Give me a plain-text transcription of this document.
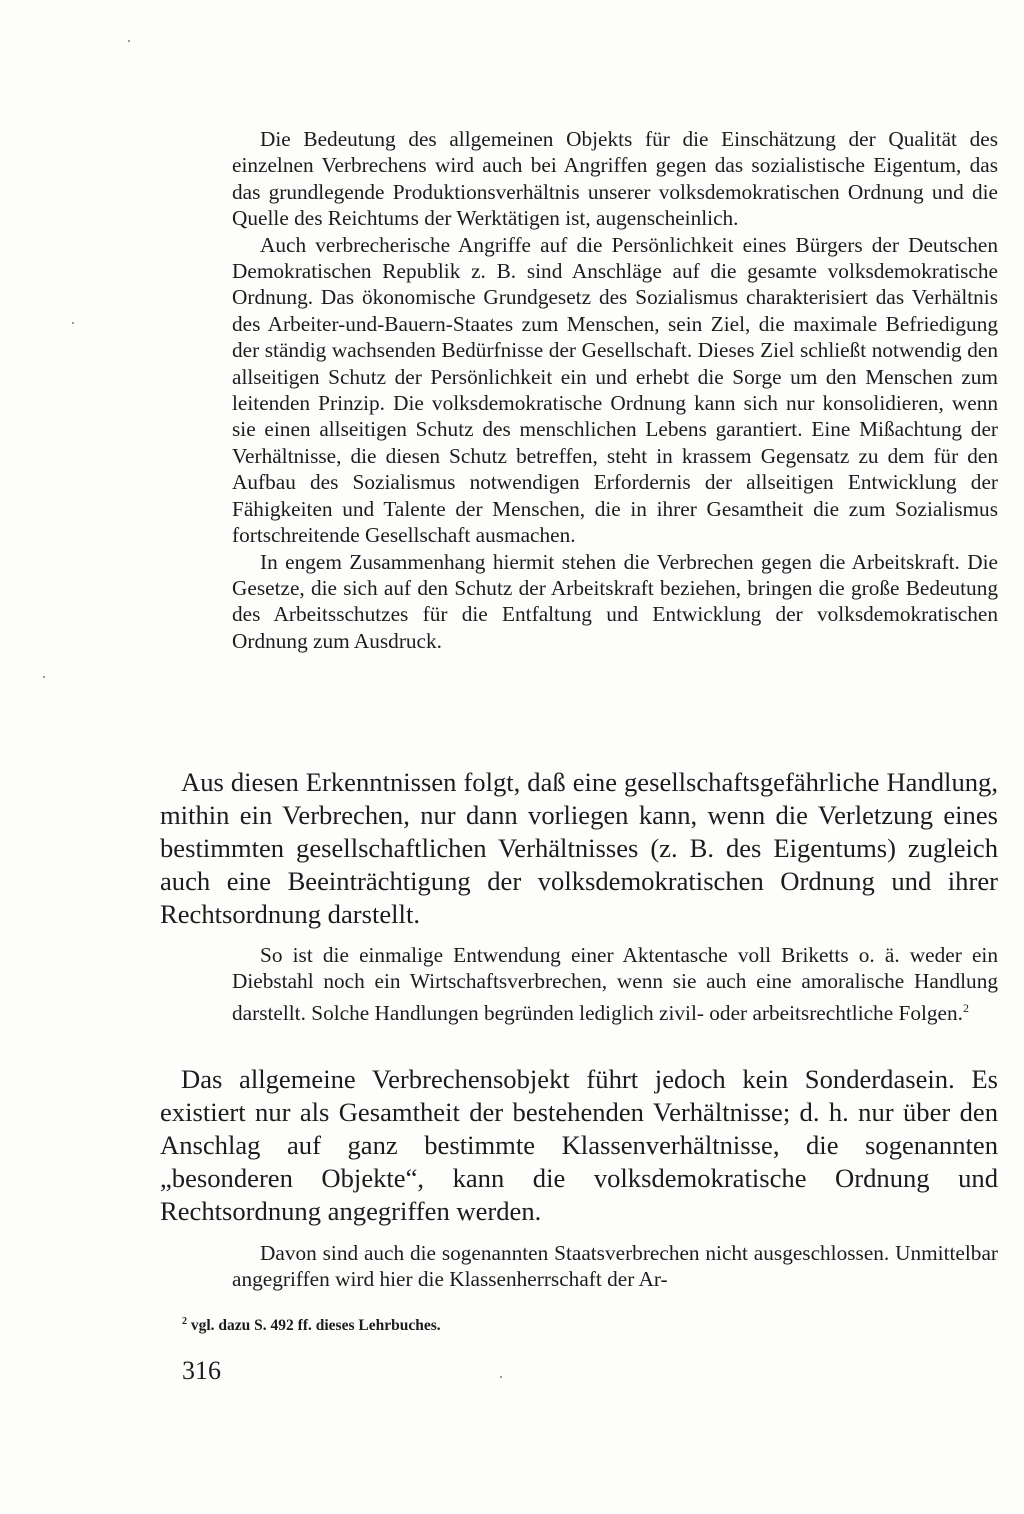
Die Bedeutung des allgemeinen Objekts für die Einschätzung der Qualität des einzelnen Verbrechens wird auch bei Angriffen gegen das sozialistische Eigentum, das das grundlegende Produktionsverhältnis unserer volksdemokratischen Ordnung und die Quelle des Reichtums der Werktätigen ist, augenscheinlich.

Auch verbrecherische Angriffe auf die Persönlichkeit eines Bürgers der Deutschen Demokratischen Republik z. B. sind Anschläge auf die gesamte volksdemokratische Ordnung. Das ökonomische Grundgesetz des Sozialismus charakterisiert das Verhältnis des Arbeiter-und-Bauern-Staates zum Menschen, sein Ziel, die maximale Befriedigung der ständig wachsenden Bedürfnisse der Gesellschaft. Dieses Ziel schließt notwendig den allseitigen Schutz der Persönlichkeit ein und erhebt die Sorge um den Menschen zum leitenden Prinzip. Die volksdemokratische Ordnung kann sich nur konsolidieren, wenn sie einen allseitigen Schutz des menschlichen Lebens garantiert. Eine Mißachtung der Verhältnisse, die diesen Schutz betreffen, steht in krassem Gegensatz zu dem für den Aufbau des Sozialismus notwendigen Erfordernis der allseitigen Entwicklung der Fähigkeiten und Talente der Menschen, die in ihrer Gesamtheit die zum Sozialismus fortschreitende Gesellschaft ausmachen.

In engem Zusammenhang hiermit stehen die Verbrechen gegen die Arbeitskraft. Die Gesetze, die sich auf den Schutz der Arbeitskraft beziehen, bringen die große Bedeutung des Arbeitsschutzes für die Entfaltung und Entwicklung der volksdemokratischen Ordnung zum Ausdruck.

Aus diesen Erkenntnissen folgt, daß eine gesellschaftsgefährliche Handlung, mithin ein Verbrechen, nur dann vorliegen kann, wenn die Verletzung eines bestimmten gesellschaftlichen Verhältnisses (z. B. des Eigentums) zugleich auch eine Beeinträchtigung der volksdemokratischen Ordnung und ihrer Rechtsordnung darstellt.

So ist die einmalige Entwendung einer Aktentasche voll Briketts o. ä. weder ein Diebstahl noch ein Wirtschaftsverbrechen, wenn sie auch eine amoralische Handlung darstellt. Solche Handlungen begründen lediglich zivil- oder arbeitsrechtliche Folgen.$^2$

Das allgemeine Verbrechensobjekt führt jedoch kein Sonderdasein. Es existiert nur als Gesamtheit der bestehenden Verhältnisse; d. h. nur über den Anschlag auf ganz bestimmte Klassenverhältnisse, die sogenannten „besonderen Objekte“, kann die volksdemokratische Ordnung und Rechtsordnung angegriffen werden.

Davon sind auch die sogenannten Staatsverbrechen nicht ausgeschlossen. Unmittelbar angegriffen wird hier die Klassenherrschaft der Ar-

$^2$ vgl. dazu S. 492 ff. dieses Lehrbuches.

316
